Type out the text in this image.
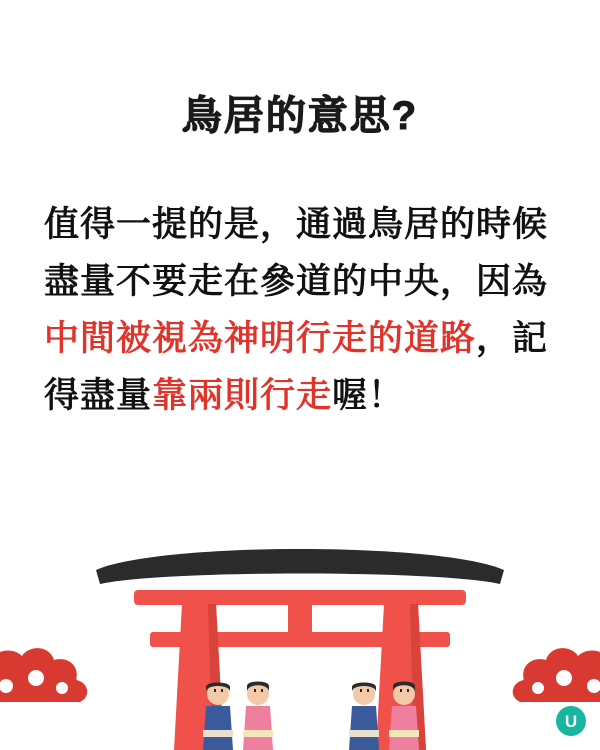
鳥居的意思?
值得一提的是，通過鳥居的時候盡量不要走在參道的中央，因為中間被視為神明行走的道路，記得盡量靠兩則行走喔！
U
